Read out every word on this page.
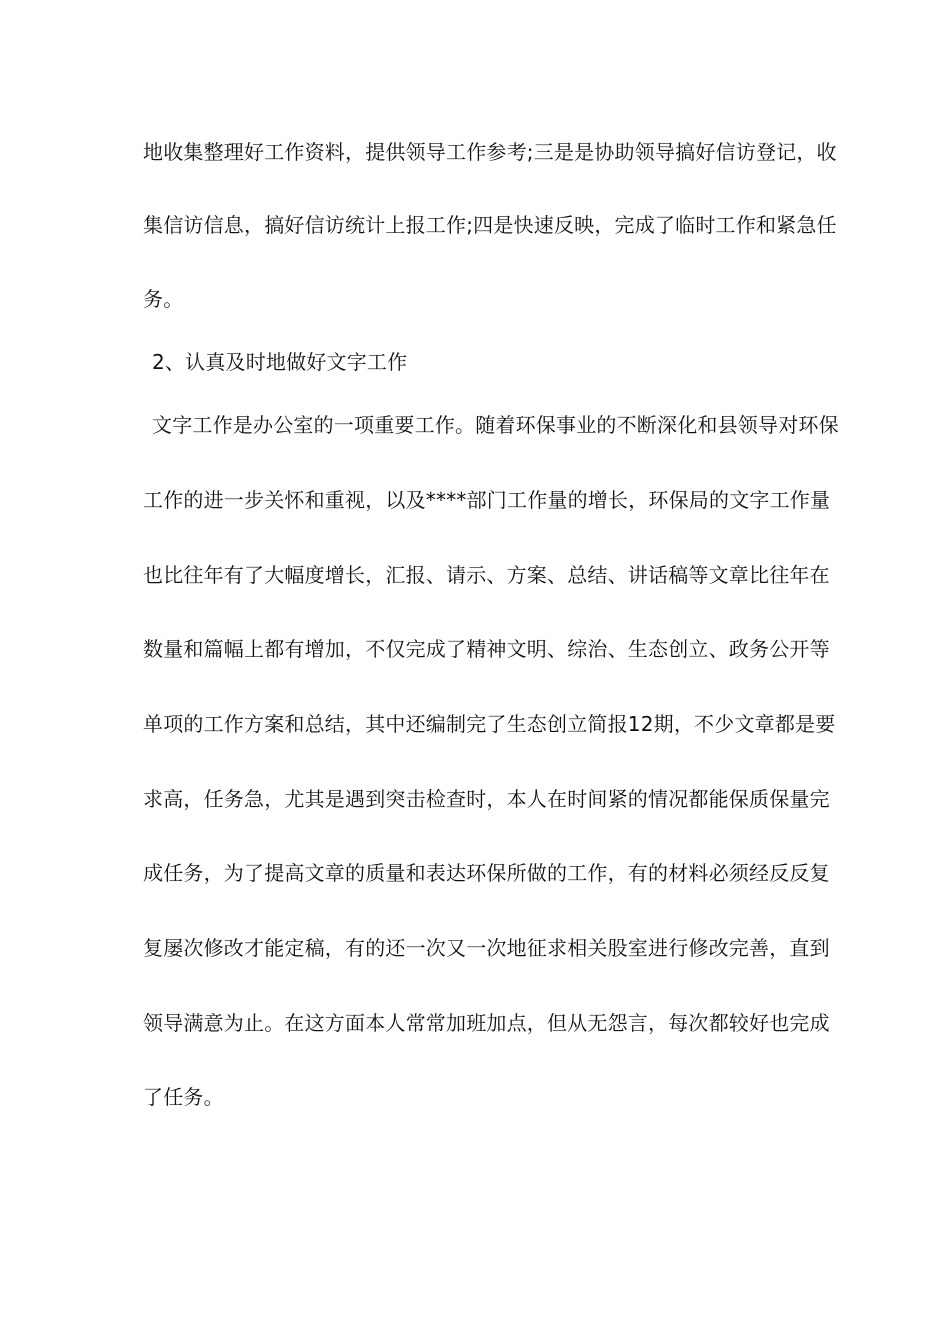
地收集整理好工作资料，提供领导工作参考;三是是协助领导搞好信访登记，收
集信访信息，搞好信访统计上报工作;四是快速反映，完成了临时工作和紧急任
务。
2、认真及时地做好文字工作
文字工作是办公室的一项重要工作。随着环保事业的不断深化和县领导对环保
工作的进一步关怀和重视，以及****部门工作量的增长，环保局的文字工作量
也比往年有了大幅度增长，汇报、请示、方案、总结、讲话稿等文章比往年在
数量和篇幅上都有增加，不仅完成了精神文明、综治、生态创立、政务公开等
单项的工作方案和总结，其中还编制完了生态创立简报12期，不少文章都是要
求高，任务急，尤其是遇到突击检查时，本人在时间紧的情况都能保质保量完
成任务，为了提高文章的质量和表达环保所做的工作，有的材料必须经反反复
复屡次修改才能定稿，有的还一次又一次地征求相关股室进行修改完善，直到
领导满意为止。在这方面本人常常加班加点，但从无怨言，每次都较好也完成
了任务。
